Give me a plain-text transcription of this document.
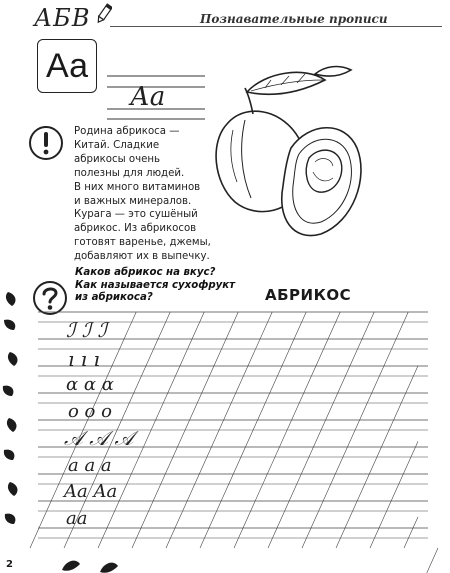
АБВ	Познавательные прописи
Аа
Аа
Родина абрикоса —
Китай. Сладкие
абрикосы очень
полезны для людей.
В них много витаминов
и важных минералов.
Курага — это сушёный
абрикос. Из абрикосов
готовят варенье, джемы,
добавляют их в выпечку.
Каков абрикос на вкус?
Как называется сухофрукт
из абрикоса?	АБРИКОС
ℐ ℐ ℐ
ı ı ı
α α α
o o o
𝒜 𝒜 𝒜
a a a
Aa Aa
aa
2
